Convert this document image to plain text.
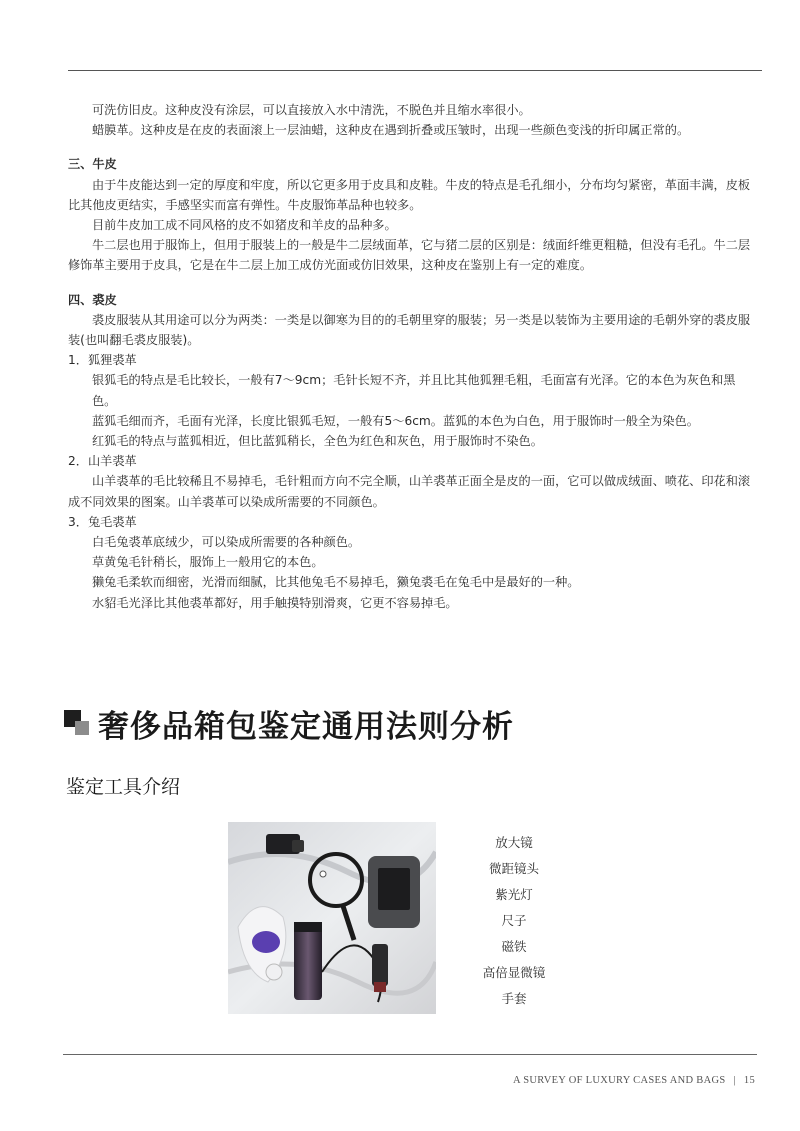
可洗仿旧皮。这种皮没有涂层，可以直接放入水中清洗，不脱色并且缩水率很小。

蜡膜革。这种皮是在皮的表面滚上一层油蜡，这种皮在遇到折叠或压皱时，出现一些颜色变浅的折印属正常的。

三、牛皮

由于牛皮能达到一定的厚度和牢度，所以它更多用于皮具和皮鞋。牛皮的特点是毛孔细小，分布均匀紧密，革面丰满，皮板比其他皮更结实，手感坚实而富有弹性。牛皮服饰革品种也较多。

目前牛皮加工成不同风格的皮不如猪皮和羊皮的品种多。

牛二层也用于服饰上，但用于服装上的一般是牛二层绒面革，它与猪二层的区别是：绒面纤维更粗糙，但没有毛孔。牛二层修饰革主要用于皮具，它是在牛二层上加工成仿光面或仿旧效果，这种皮在鉴别上有一定的难度。

四、裘皮

裘皮服装从其用途可以分为两类：一类是以御寒为目的的毛朝里穿的服装；另一类是以装饰为主要用途的毛朝外穿的裘皮服装(也叫翻毛裘皮服装)。

1．狐狸裘革

银狐毛的特点是毛比较长，一般有7～9cm；毛针长短不齐，并且比其他狐狸毛粗，毛面富有光泽。它的本色为灰色和黑色。

蓝狐毛细而齐，毛面有光泽，长度比银狐毛短，一般有5～6cm。蓝狐的本色为白色，用于服饰时一般全为染色。

红狐毛的特点与蓝狐相近，但比蓝狐稍长，全色为红色和灰色，用于服饰时不染色。

2．山羊裘革

山羊裘革的毛比较稀且不易掉毛，毛针粗而方向不完全顺，山羊裘革正面全是皮的一面，它可以做成绒面、喷花、印花和滚成不同效果的图案。山羊裘革可以染成所需要的不同颜色。

3．兔毛裘革

白毛兔裘革底绒少，可以染成所需要的各种颜色。

草黄兔毛针稍长，服饰上一般用它的本色。

獭兔毛柔软而细密，光滑而细腻，比其他兔毛不易掉毛，獭兔裘毛在兔毛中是最好的一种。

水貂毛光泽比其他裘革都好，用手触摸特别滑爽，它更不容易掉毛。

奢侈品箱包鉴定通用法则分析
鉴定工具介绍
放大镜
微距镜头
紫光灯
尺子
磁铁
高倍显微镜
手套
A SURVEY OF LUXURY CASES AND BAGS | 15
